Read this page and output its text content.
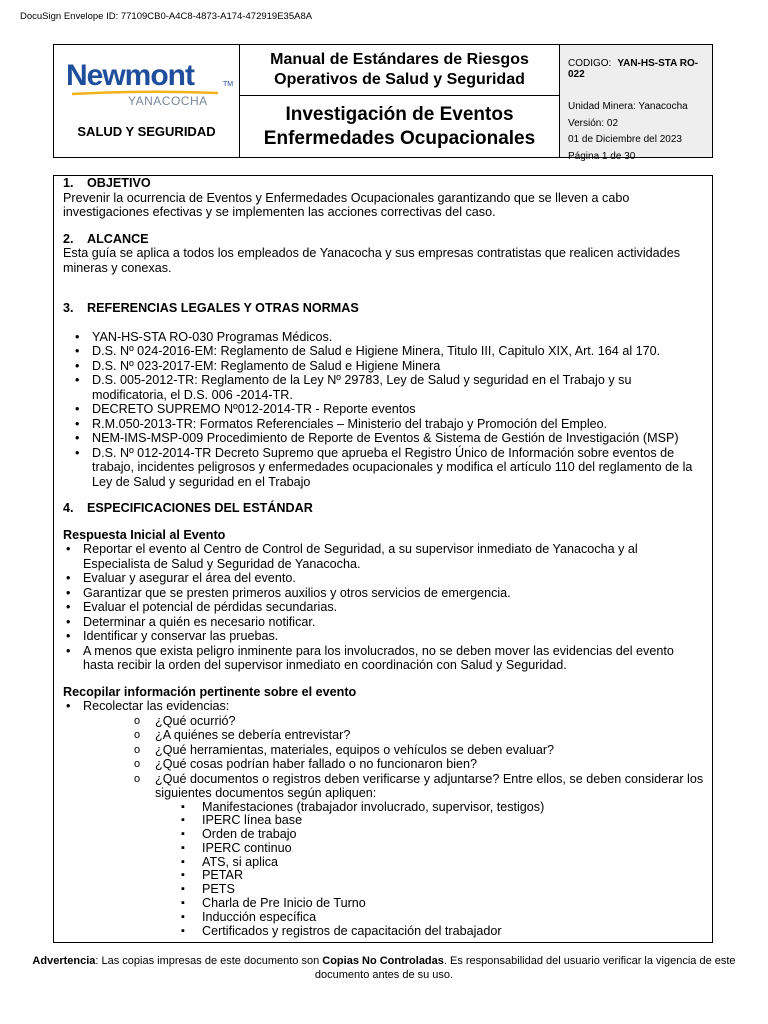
DocuSign Envelope ID: 77109CB0-A4C8-4873-A174-472919E35A8A
Newmont	TM
YANACOCHA
SALUD Y SEGURIDAD
Manual de Estándares de Riesgos
Operativos de Salud y Seguridad
Investigación de Eventos
Enfermedades Ocupacionales
CODIGO: YAN-HS-STA RO-022
Unidad Minera: Yanacocha
Versión: 02
01 de Diciembre del 2023
Página 1 de 30
1. OBJETIVO

Prevenir la ocurrencia de Eventos y Enfermedades Ocupacionales garantizando que se lleven a cabo investigaciones efectivas y se implementen las acciones correctivas del caso.

2. ALCANCE

Esta guía se aplica a todos los empleados de Yanacocha y sus empresas contratistas que realicen actividades mineras y conexas.

3. REFERENCIAS LEGALES Y OTRAS NORMAS
• YAN-HS-STA RO-030 Programas Médicos.
• D.S. Nº 024-2016-EM: Reglamento de Salud e Higiene Minera, Titulo III, Capitulo XIX, Art. 164 al 170.
• D.S. Nº 023-2017-EM: Reglamento de Salud e Higiene Minera
• D.S. 005-2012-TR: Reglamento de la Ley Nº 29783, Ley de Salud y seguridad en el Trabajo y su modificatoria, el D.S. 006 -2014-TR.
• DECRETO SUPREMO Nº012-2014-TR - Reporte eventos
• R.M.050-2013-TR: Formatos Referenciales – Ministerio del trabajo y Promoción del Empleo.
• NEM-IMS-MSP-009 Procedimiento de Reporte de Eventos & Sistema de Gestión de Investigación (MSP)
• D.S. Nº 012-2014-TR Decreto Supremo que aprueba el Registro Único de Información sobre eventos de trabajo, incidentes peligrosos y enfermedades ocupacionales y modifica el artículo 110 del reglamento de la Ley de Salud y seguridad en el Trabajo
4. ESPECIFICACIONES DEL ESTÁNDAR
Respuesta Inicial al Evento
• Reportar el evento al Centro de Control de Seguridad, a su supervisor inmediato de Yanacocha y al Especialista de Salud y Seguridad de Yanacocha.
• Evaluar y asegurar el área del evento.
• Garantizar que se presten primeros auxilios y otros servicios de emergencia.
• Evaluar el potencial de pérdidas secundarias.
• Determinar a quién es necesario notificar.
• Identificar y conservar las pruebas.
• A menos que exista peligro inminente para los involucrados, no se deben mover las evidencias del evento hasta recibir la orden del supervisor inmediato en coordinación con Salud y Seguridad.
Recopilar información pertinente sobre el evento
• Recolectar las evidencias:
o ¿Qué ocurrió?
o ¿A quiénes se debería entrevistar?
o ¿Qué herramientas, materiales, equipos o vehículos se deben evaluar?
o ¿Qué cosas podrían haber fallado o no funcionaron bien?
o ¿Qué documentos o registros deben verificarse y adjuntarse? Entre ellos, se deben considerar los siguientes documentos según apliquen:
▪ Manifestaciones (trabajador involucrado, supervisor, testigos)
▪ IPERC línea base
▪ Orden de trabajo
▪ IPERC continuo
▪ ATS, si aplica
▪ PETAR
▪ PETS
▪ Charla de Pre Inicio de Turno
▪ Inducción específica
▪ Certificados y registros de capacitación del trabajador
Advertencia: Las copias impresas de este documento son Copias No Controladas. Es responsabilidad del usuario verificar la vigencia de este documento antes de su uso.
